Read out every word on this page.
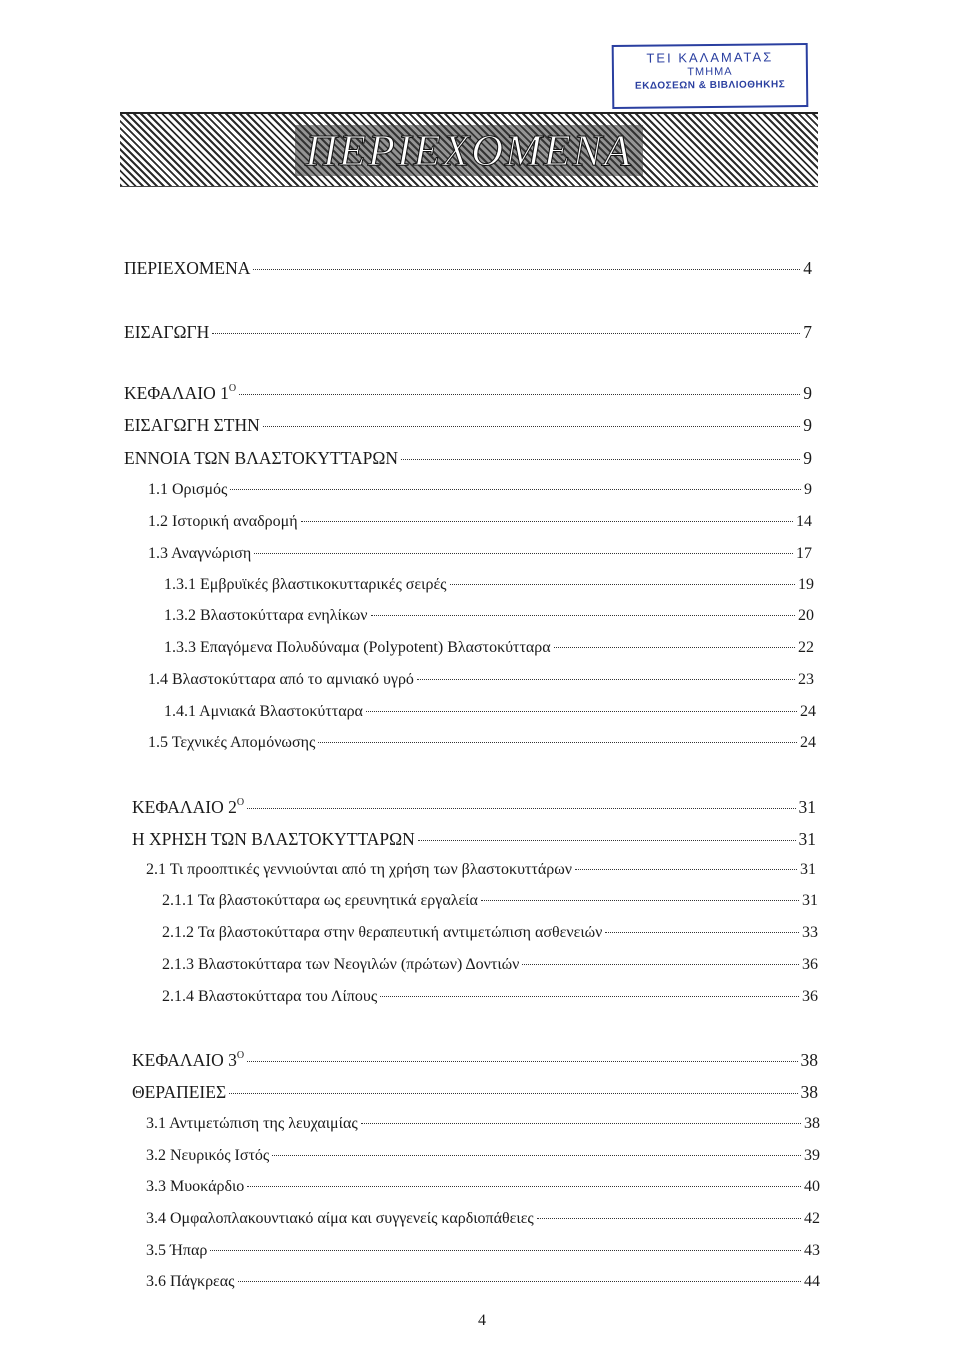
ΤΕΙ ΚΑΛΑΜΑΤΑΣ
ΤΜΗΜΑ
ΕΚΔΟΣΕΩΝ & ΒΙΒΛΙΟΘΗΚΗΣ
ΠΕΡΙΕΧΟΜΕΝΑ
ΠΕΡΙΕΧΟΜΕΝΑ	4
ΕΙΣΑΓΩΓΗ	7
ΚΕΦΑΛΑΙΟ $1^O$	9
ΕΙΣΑΓΩΓΗ ΣΤΗΝ	9
ΕΝΝΟΙΑ ΤΩΝ ΒΛΑΣΤΟΚΥΤΤΑΡΩΝ	9
1.1 Ορισμός	9
1.2 Ιστορική αναδρομή	14
1.3 Αναγνώριση	17
1.3.1 Εμβρυϊκές βλαστικοκυτταρικές σειρές	19
1.3.2 Βλαστοκύτταρα ενηλίκων	20
1.3.3 Επαγόμενα Πολυδύναμα (Polypotent) Βλαστοκύτταρα	22
1.4 Βλαστοκύτταρα από το αμνιακό υγρό	23
1.4.1 Αμνιακά Βλαστοκύτταρα	24
1.5 Τεχνικές Απομόνωσης	24
ΚΕΦΑΛΑΙΟ $2^O$	31
Η ΧΡΗΣΗ ΤΩΝ ΒΛΑΣΤΟΚΥΤΤΑΡΩΝ	31
2.1 Τι προοπτικές γεννιούνται από τη χρήση των βλαστοκυττάρων	31
2.1.1 Τα βλαστοκύτταρα ως ερευνητικά εργαλεία	31
2.1.2 Τα βλαστοκύτταρα στην θεραπευτική αντιμετώπιση ασθενειών	33
2.1.3 Βλαστοκύτταρα των Νεογιλών (πρώτων) Δοντιών	36
2.1.4 Βλαστοκύτταρα του Λίπους	36
ΚΕΦΑΛΑΙΟ $3^O$	38
ΘΕΡΑΠΕΙΕΣ	38
3.1 Αντιμετώπιση της λευχαιμίας	38
3.2 Νευρικός Ιστός	39
3.3 Μυοκάρδιο	40
3.4 Ομφαλοπλακουντιακό αίμα και συγγενείς καρδιοπάθειες	42
3.5 Ήπαρ	43
3.6 Πάγκρεας	44
4
